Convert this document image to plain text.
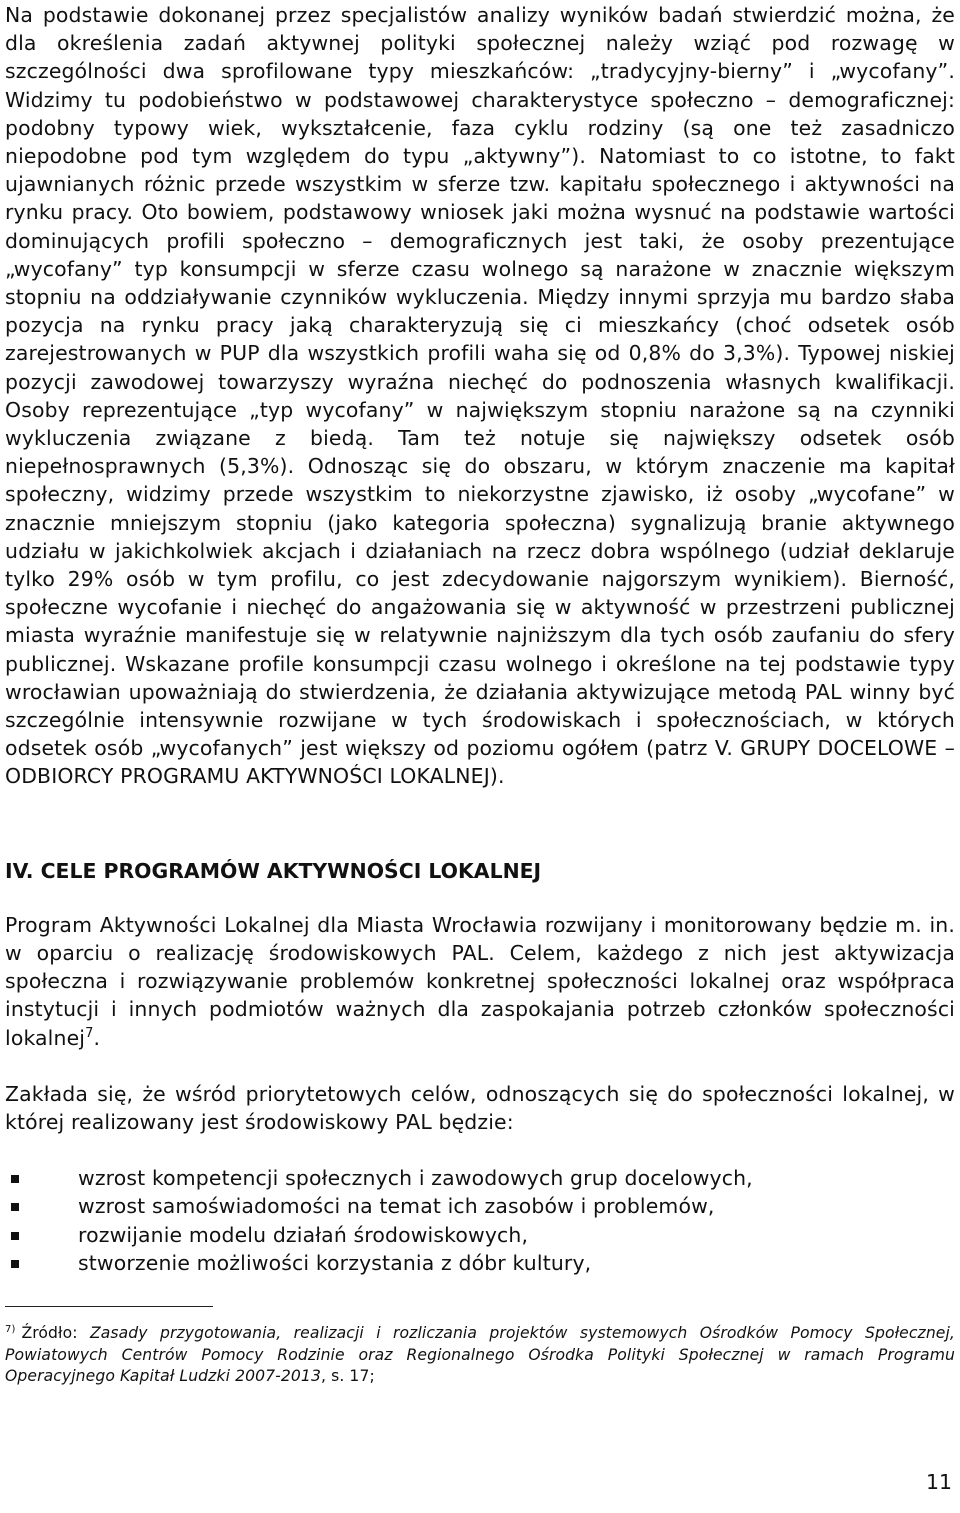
Na podstawie dokonanej przez specjalistów analizy wyników badań stwierdzić można, że dla określenia zadań aktywnej polityki społecznej należy wziąć pod rozwagę w szczególności dwa sprofilowane typy mieszkańców: „tradycyjny-bierny” i „wycofany”. Widzimy tu podobieństwo w podstawowej charakterystyce społeczno – demograficznej: podobny typowy wiek, wykształcenie, faza cyklu rodziny (są one też zasadniczo niepodobne pod tym względem do typu „aktywny”). Natomiast to co istotne, to fakt ujawnianych różnic przede wszystkim w sferze tzw. kapitału społecznego i aktywności na rynku pracy. Oto bowiem, podstawowy wniosek jaki można wysnuć na podstawie wartości dominujących profili społeczno – demograficznych jest taki, że osoby prezentujące „wycofany” typ konsumpcji w sferze czasu wolnego są narażone w znacznie większym stopniu na oddziaływanie czynników wykluczenia. Między innymi sprzyja mu bardzo słaba pozycja na rynku pracy jaką charakteryzują się ci mieszkańcy (choć odsetek osób zarejestrowanych w PUP dla wszystkich profili waha się od 0,8% do 3,3%). Typowej niskiej pozycji zawodowej towarzyszy wyraźna niechęć do podnoszenia własnych kwalifikacji. Osoby reprezentujące „typ wycofany” w największym stopniu narażone są na czynniki wykluczenia związane z biedą. Tam też notuje się największy odsetek osób niepełnosprawnych (5,3%). Odnosząc się do obszaru, w którym znaczenie ma kapitał społeczny, widzimy przede wszystkim to niekorzystne zjawisko, iż osoby „wycofane” w znacznie mniejszym stopniu (jako kategoria społeczna) sygnalizują branie aktywnego udziału w jakichkolwiek akcjach i działaniach na rzecz dobra wspólnego (udział deklaruje tylko 29% osób w tym profilu, co jest zdecydowanie najgorszym wynikiem). Bierność, społeczne wycofanie i niechęć do angażowania się w aktywność w przestrzeni publicznej miasta wyraźnie manifestuje się w relatywnie najniższym dla tych osób zaufaniu do sfery publicznej. Wskazane profile konsumpcji czasu wolnego i określone na tej podstawie typy wrocławian upoważniają do stwierdzenia, że działania aktywizujące metodą PAL winny być szczególnie intensywnie rozwijane w tych środowiskach i społecznościach, w których odsetek osób „wycofanych” jest większy od poziomu ogółem (patrz V. GRUPY DOCELOWE – ODBIORCY PROGRAMU AKTYWNOŚCI LOKALNEJ).

IV. CELE PROGRAMÓW AKTYWNOŚCI LOKALNEJ

Program Aktywności Lokalnej dla Miasta Wrocławia rozwijany i monitorowany będzie m. in. w oparciu o realizację środowiskowych PAL. Celem, każdego z nich jest aktywizacja społeczna i rozwiązywanie problemów konkretnej społeczności lokalnej oraz współpraca instytucji i innych podmiotów ważnych dla zaspokajania potrzeb członków społeczności lokalnej$^7$.

Zakłada się, że wśród priorytetowych celów, odnoszących się do społeczności lokalnej, w której realizowany jest środowiskowy PAL będzie:

wzrost kompetencji społecznych i zawodowych grup docelowych,
wzrost samoświadomości na temat ich zasobów i problemów,
rozwijanie modelu działań środowiskowych,
stworzenie możliwości korzystania z dóbr kultury,
$^{7)}$ Źródło: Zasady przygotowania, realizacji i rozliczania projektów systemowych Ośrodków Pomocy Społecznej, Powiatowych Centrów Pomocy Rodzinie oraz Regionalnego Ośrodka Polityki Społecznej w ramach Programu Operacyjnego Kapitał Ludzki 2007-2013, s. 17;
11
